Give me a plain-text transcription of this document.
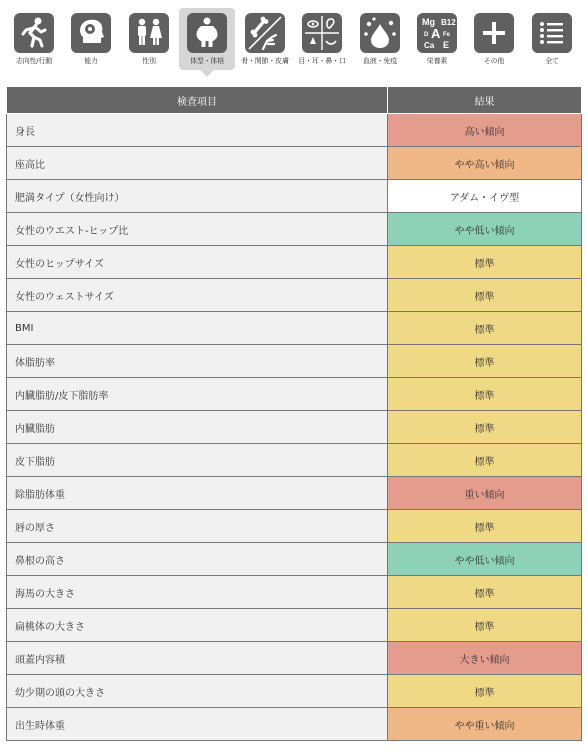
志向性/行動	能力	性別	体型・体格	骨・関節・皮膚	目・耳・鼻・口	血液・免疫
Mg B12
A Fe
D
Ca E
栄養素	その他	全て
検査項目	結果
身長	高い傾向
座高比	やや高い傾向
肥満タイプ（女性向け）	アダム・イヴ型
女性のウエスト-ヒップ比	やや低い傾向
女性のヒップサイズ	標準
女性のウェストサイズ	標準
BMI	標準
体脂肪率	標準
内臓脂肪/皮下脂肪率	標準
内臓脂肪	標準
皮下脂肪	標準
除脂肪体重	重い傾向
唇の厚さ	標準
鼻根の高さ	やや低い傾向
海馬の大きさ	標準
扁桃体の大きさ	標準
頭蓋内容積	大きい傾向
幼少期の頭の大きさ	標準
出生時体重	やや重い傾向
